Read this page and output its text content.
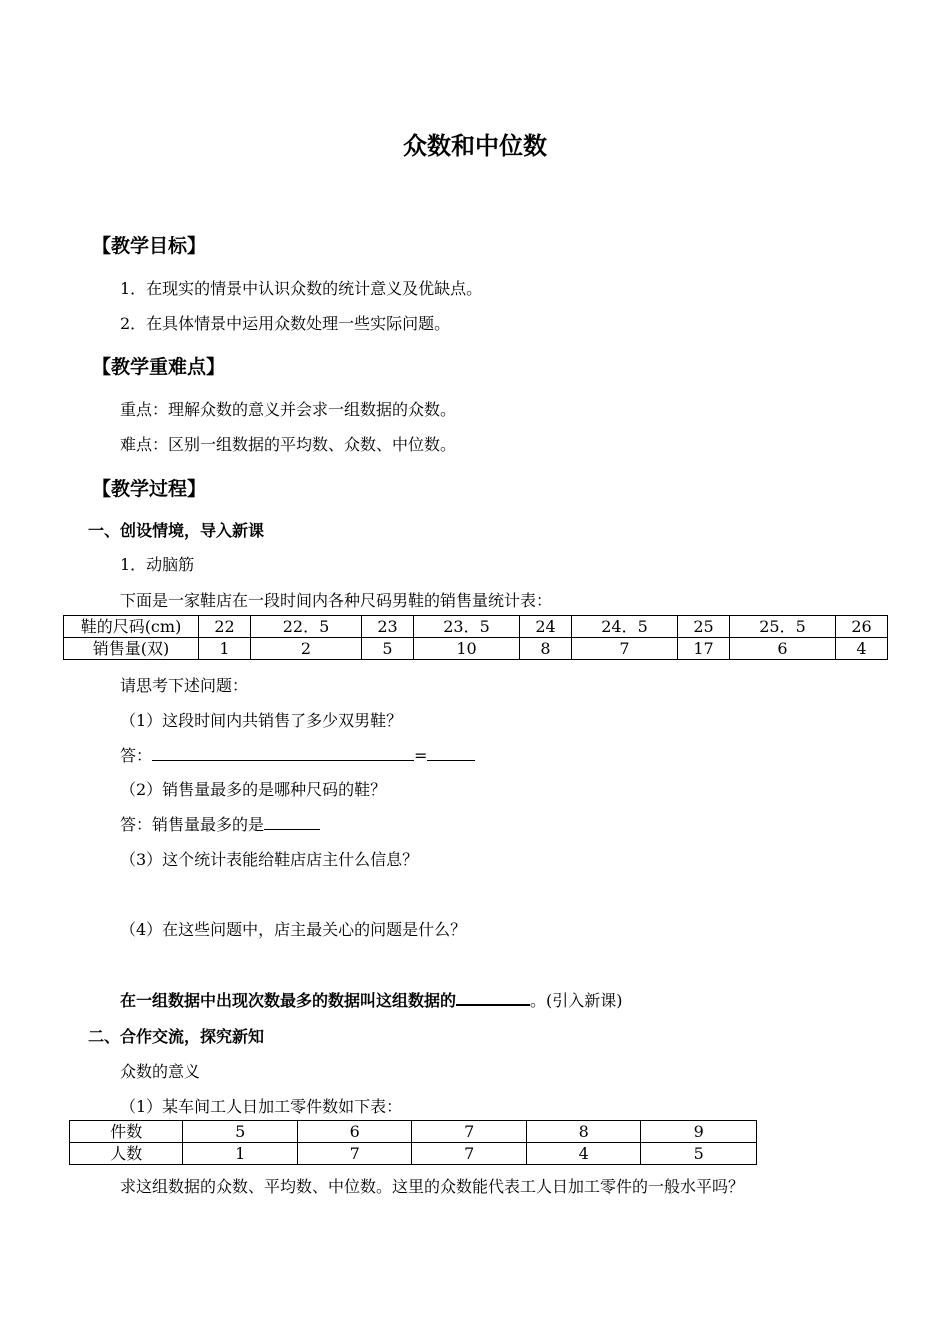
众数和中位数
【教学目标】
1．在现实的情景中认识众数的统计意义及优缺点。
2．在具体情景中运用众数处理一些实际问题。
【教学重难点】
重点：理解众数的意义并会求一组数据的众数。
难点：区别一组数据的平均数、众数、中位数。
【教学过程】
一、创设情境，导入新课
1．动脑筋
下面是一家鞋店在一段时间内各种尺码男鞋的销售量统计表：
鞋的尺码(cm)	22	22．5	23	23．5	24	24．5	25	25．5	26
销售量(双)	1	2	5	10	8	7	17	6	4
请思考下述问题：
（1）这段时间内共销售了多少双男鞋？
答：	=
（2）销售量最多的是哪种尺码的鞋？
答：销售量最多的是
（3）这个统计表能给鞋店店主什么信息？
（4）在这些问题中，店主最关心的问题是什么？
在一组数据中出现次数最多的数据叫这组数据的	。(引入新课)
二、合作交流，探究新知
众数的意义
（1）某车间工人日加工零件数如下表：
件数	5	6	7	8	9
人数	1	7	7	4	5
求这组数据的众数、平均数、中位数。这里的众数能代表工人日加工零件的一般水平吗？
